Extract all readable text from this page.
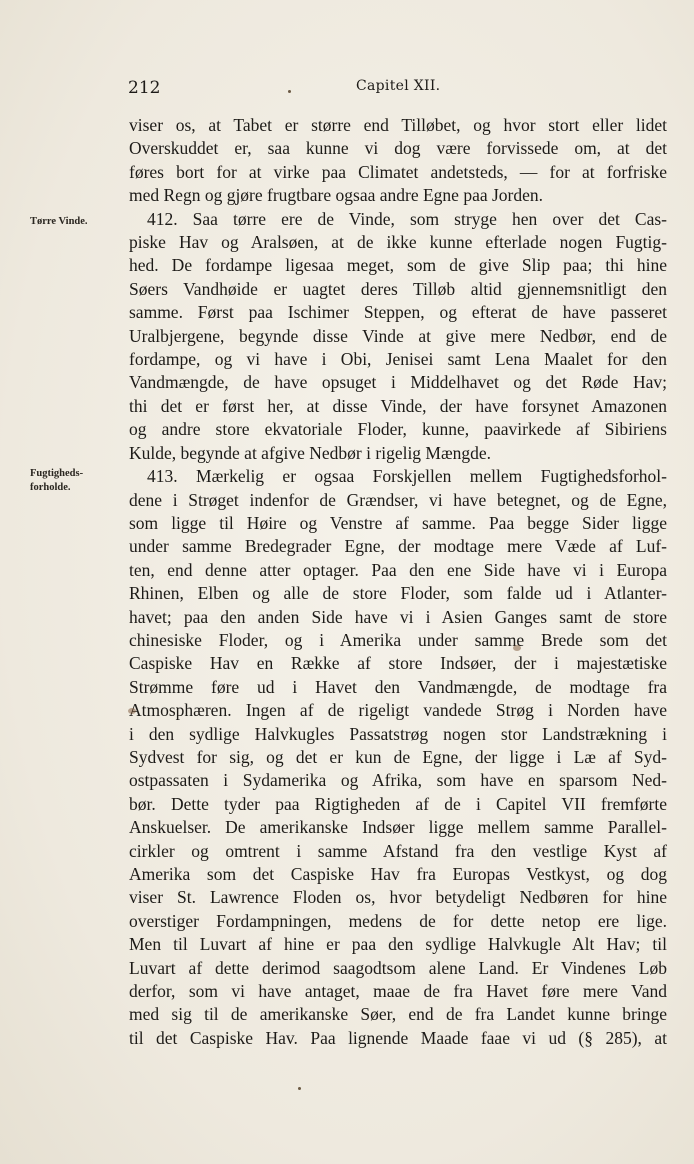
212	Capitel XII.
Tørre Vinde.
Fugtigheds-
forholde.
viser os, at Tabet er større end Tilløbet, og hvor stort eller lidet
Overskuddet er, saa kunne vi dog være forvissede om, at det
føres bort for at virke paa Climatet andetsteds, — for at forfriske
med Regn og gjøre frugtbare ogsaa andre Egne paa Jorden.
412. Saa tørre ere de Vinde, som stryge hen over det Cas-
piske Hav og Aralsøen, at de ikke kunne efterlade nogen Fugtig-
hed. De fordampe ligesaa meget, som de give Slip paa; thi hine
Søers Vandhøide er uagtet deres Tilløb altid gjennemsnitligt den
samme. Først paa Ischimer Steppen, og efterat de have passeret
Uralbjergene, begynde disse Vinde at give mere Nedbør, end de
fordampe, og vi have i Obi, Jenisei samt Lena Maalet for den
Vandmængde, de have opsuget i Middelhavet og det Røde Hav;
thi det er først her, at disse Vinde, der have forsynet Amazonen
og andre store ekvatoriale Floder, kunne, paavirkede af Sibiriens
Kulde, begynde at afgive Nedbør i rigelig Mængde.
413. Mærkelig er ogsaa Forskjellen mellem Fugtighedsforhol-
dene i Strøget indenfor de Grændser, vi have betegnet, og de Egne,
som ligge til Høire og Venstre af samme. Paa begge Sider ligge
under samme Bredegrader Egne, der modtage mere Væde af Luf-
ten, end denne atter optager. Paa den ene Side have vi i Europa
Rhinen, Elben og alle de store Floder, som falde ud i Atlanter-
havet; paa den anden Side have vi i Asien Ganges samt de store
chinesiske Floder, og i Amerika under samme Brede som det
Caspiske Hav en Række af store Indsøer, der i majestætiske
Strømme føre ud i Havet den Vandmængde, de modtage fra
Atmosphæren. Ingen af de rigeligt vandede Strøg i Norden have
i den sydlige Halvkugles Passatstrøg nogen stor Landstrækning i
Sydvest for sig, og det er kun de Egne, der ligge i Læ af Syd-
ostpassaten i Sydamerika og Afrika, som have en sparsom Ned-
bør. Dette tyder paa Rigtigheden af de i Capitel VII fremførte
Anskuelser. De amerikanske Indsøer ligge mellem samme Parallel-
cirkler og omtrent i samme Afstand fra den vestlige Kyst af
Amerika som det Caspiske Hav fra Europas Vestkyst, og dog
viser St. Lawrence Floden os, hvor betydeligt Nedbøren for hine
overstiger Fordampningen, medens de for dette netop ere lige.
Men til Luvart af hine er paa den sydlige Halvkugle Alt Hav; til
Luvart af dette derimod saagodtsom alene Land. Er Vindenes Løb
derfor, som vi have antaget, maae de fra Havet føre mere Vand
med sig til de amerikanske Søer, end de fra Landet kunne bringe
til det Caspiske Hav. Paa lignende Maade faae vi ud (§ 285), at
